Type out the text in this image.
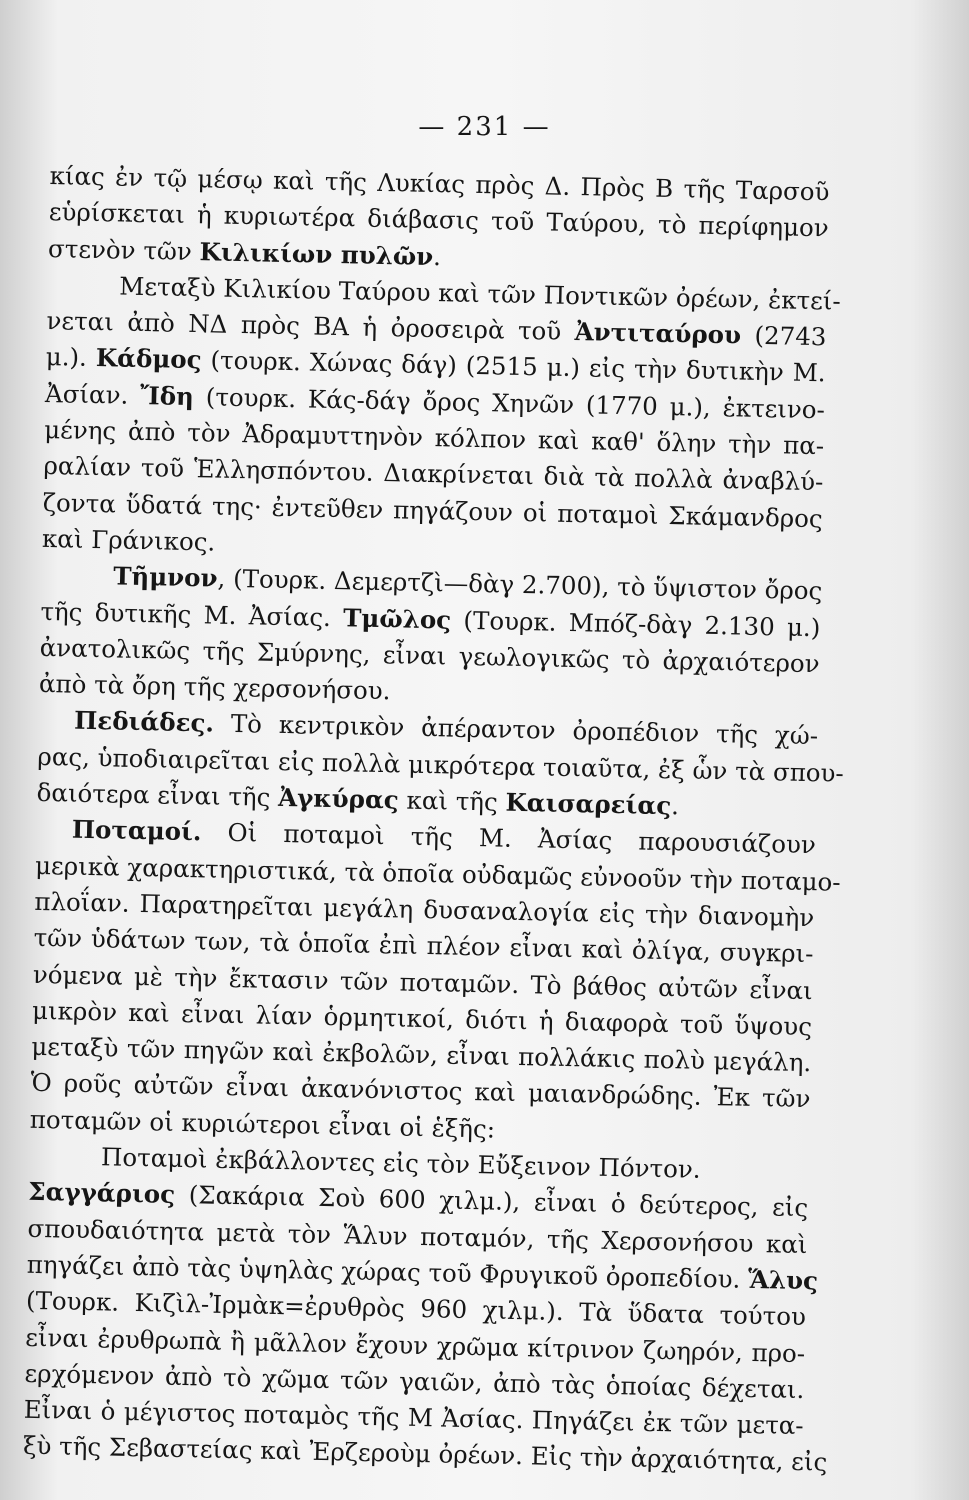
— 231 —
κίας ἐν τῷ μέσῳ καὶ τῆς Λυκίας πρὸς Δ. Πρὸς Β τῆς Ταρσοῦ
εὑρίσκεται ἡ κυριωτέρα διάβασις τοῦ Ταύρου, τὸ περίφημον
στενὸν τῶν Κιλικίων πυλῶν.
Μεταξὺ Κιλικίου Ταύρου καὶ τῶν Ποντικῶν ὀρέων, ἐκτεί-
νεται ἀπὸ ΝΔ πρὸς ΒΑ ἡ ὀροσειρὰ τοῦ Ἀντιταύρου (2743
μ.). Κάδμος (τουρκ. Χώνας δάγ) (2515 μ.) εἰς τὴν δυτικὴν Μ.
Ἀσίαν. Ἴδη (τουρκ. Κάς-δάγ ὄρος Χηνῶν (1770 μ.), ἐκτεινο-
μένης ἀπὸ τὸν Ἀδραμυττηνὸν κόλπον καὶ καθ' ὅλην τὴν πα-
ραλίαν τοῦ Ἑλλησπόντου. Διακρίνεται διὰ τὰ πολλὰ ἀναβλύ-
ζοντα ὕδατά της· ἐντεῦθεν πηγάζουν οἱ ποταμοὶ Σκάμανδρος
καὶ Γράνικος.
Τῆμνον, (Τουρκ. Δεμερτζὶ—δὰγ 2.700), τὸ ὕψιστον ὄρος
τῆς δυτικῆς Μ. Ἀσίας. Τμῶλος (Τουρκ. Μπόζ-δὰγ 2.130 μ.)
ἀνατολικῶς τῆς Σμύρνης, εἶναι γεωλογικῶς τὸ ἀρχαιότερον
ἀπὸ τὰ ὄρη τῆς χερσονήσου.
Πεδιάδες. Τὸ κεντρικὸν ἀπέραντον ὀροπέδιον τῆς χώ-
ρας, ὑποδιαιρεῖται εἰς πολλὰ μικρότερα τοιαῦτα, ἐξ ὧν τὰ σπου-
δαιότερα εἶναι τῆς Ἀγκύρας καὶ τῆς Καισαρείας.
Ποταμοί. Οἱ ποταμοὶ τῆς Μ. Ἀσίας παρουσιάζουν
μερικὰ χαρακτηριστικά, τὰ ὁποῖα οὐδαμῶς εὐνοοῦν τὴν ποταμο-
πλοΐαν. Παρατηρεῖται μεγάλη δυσαναλογία εἰς τὴν διανομὴν
τῶν ὑδάτων των, τὰ ὁποῖα ἐπὶ πλέον εἶναι καὶ ὀλίγα, συγκρι-
νόμενα μὲ τὴν ἔκτασιν τῶν ποταμῶν. Τὸ βάθος αὐτῶν εἶναι
μικρὸν καὶ εἶναι λίαν ὁρμητικοί, διότι ἡ διαφορὰ τοῦ ὕψους
μεταξὺ τῶν πηγῶν καὶ ἐκβολῶν, εἶναι πολλάκις πολὺ μεγάλη.
Ὁ ροῦς αὐτῶν εἶναι ἀκανόνιστος καὶ μαιανδρώδης. Ἐκ τῶν
ποταμῶν οἱ κυριώτεροι εἶναι οἱ ἑξῆς:
Ποταμοὶ ἐκβάλλοντες εἰς τὸν Εὔξεινον Πόντον.
Σαγγάριος (Σακάρια Σοὺ 600 χιλμ.), εἶναι ὁ δεύτερος, εἰς
σπουδαιότητα μετὰ τὸν Ἅλυν ποταμόν, τῆς Χερσονήσου καὶ
πηγάζει ἀπὸ τὰς ὑψηλὰς χώρας τοῦ Φρυγικοῦ ὀροπεδίου. Ἅλυς
(Τουρκ. Κιζὶλ-Ἰρμὰκ=ἐρυθρὸς 960 χιλμ.). Τὰ ὕδατα τούτου
εἶναι ἐρυθρωπὰ ἢ μᾶλλον ἔχουν χρῶμα κίτρινον ζωηρόν, προ-
ερχόμενον ἀπὸ τὸ χῶμα τῶν γαιῶν, ἀπὸ τὰς ὁποίας δέχεται.
Εἶναι ὁ μέγιστος ποταμὸς τῆς Μ Ἀσίας. Πηγάζει ἐκ τῶν μετα-
ξὺ τῆς Σεβαστείας καὶ Ἐρζεροὺμ ὀρέων. Εἰς τὴν ἀρχαιότητα, εἰς
